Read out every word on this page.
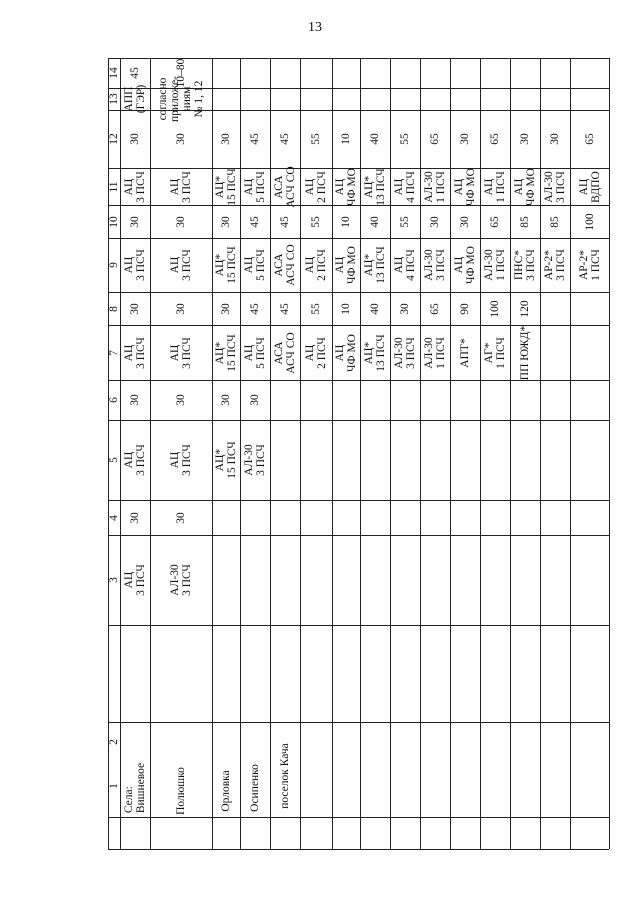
13
1
2
3
4
5
6
7
8
9
10
11
12
13
14
Села:
Вишневое
АЦ
3 ПСЧ
30
АЦ
3 ПСЧ
30
АЦ
3 ПСЧ
30
АЦ
3 ПСЧ
30
АЦ
3 ПСЧ
30
АПП
(ГЭР)
45
Полюшко
АЛ-30
3 ПСЧ
30
АЦ
3 ПСЧ
30
АЦ
3 ПСЧ
30
АЦ
3 ПСЧ
30
АЦ
3 ПСЧ
30
согласно
приложе-
ниям
№ 1, 12
10–80
Орловка
АЦ*
15 ПСЧ
30
АЦ*
15 ПСЧ
30
АЦ*
15 ПСЧ
30
АЦ*
15 ПСЧ
30
Осипенко
АЛ-30
3 ПСЧ
30
АЦ
5 ПСЧ
45
АЦ
5 ПСЧ
45
АЦ
5 ПСЧ
45
поселок Кача
АСА
АСЧ СО
45
АСА
АСЧ СО
45
АСА
АСЧ СО
45
АЦ
2 ПСЧ
55
АЦ
2 ПСЧ
55
АЦ
2 ПСЧ
55
АЦ
ЧФ МО
10
АЦ
ЧФ МО
10
АЦ
ЧФ МО
10
АЦ*
13 ПСЧ
40
АЦ*
13 ПСЧ
40
АЦ*
13 ПСЧ
40
АЛ-30
3 ПСЧ
30
АЦ
4 ПСЧ
55
АЦ
4 ПСЧ
55
АЛ-30
1 ПСЧ
65
АЛ-30
3 ПСЧ
30
АЛ-30
1 ПСЧ
65
АПТ*
90
АЦ
ЧФ МО
30
АЦ
ЧФ МО
30
АГ*
1 ПСЧ
100
АЛ-30
1 ПСЧ
65
АЦ
1 ПСЧ
65
ПП ЮЖД*
120
ПНС*
3 ПСЧ
85
АЦ
ЧФ МО
30
АР-2*
3 ПСЧ
85
АЛ-30
3 ПСЧ
30
АР-2*
1 ПСЧ
100
АЦ
ВДПО
65
